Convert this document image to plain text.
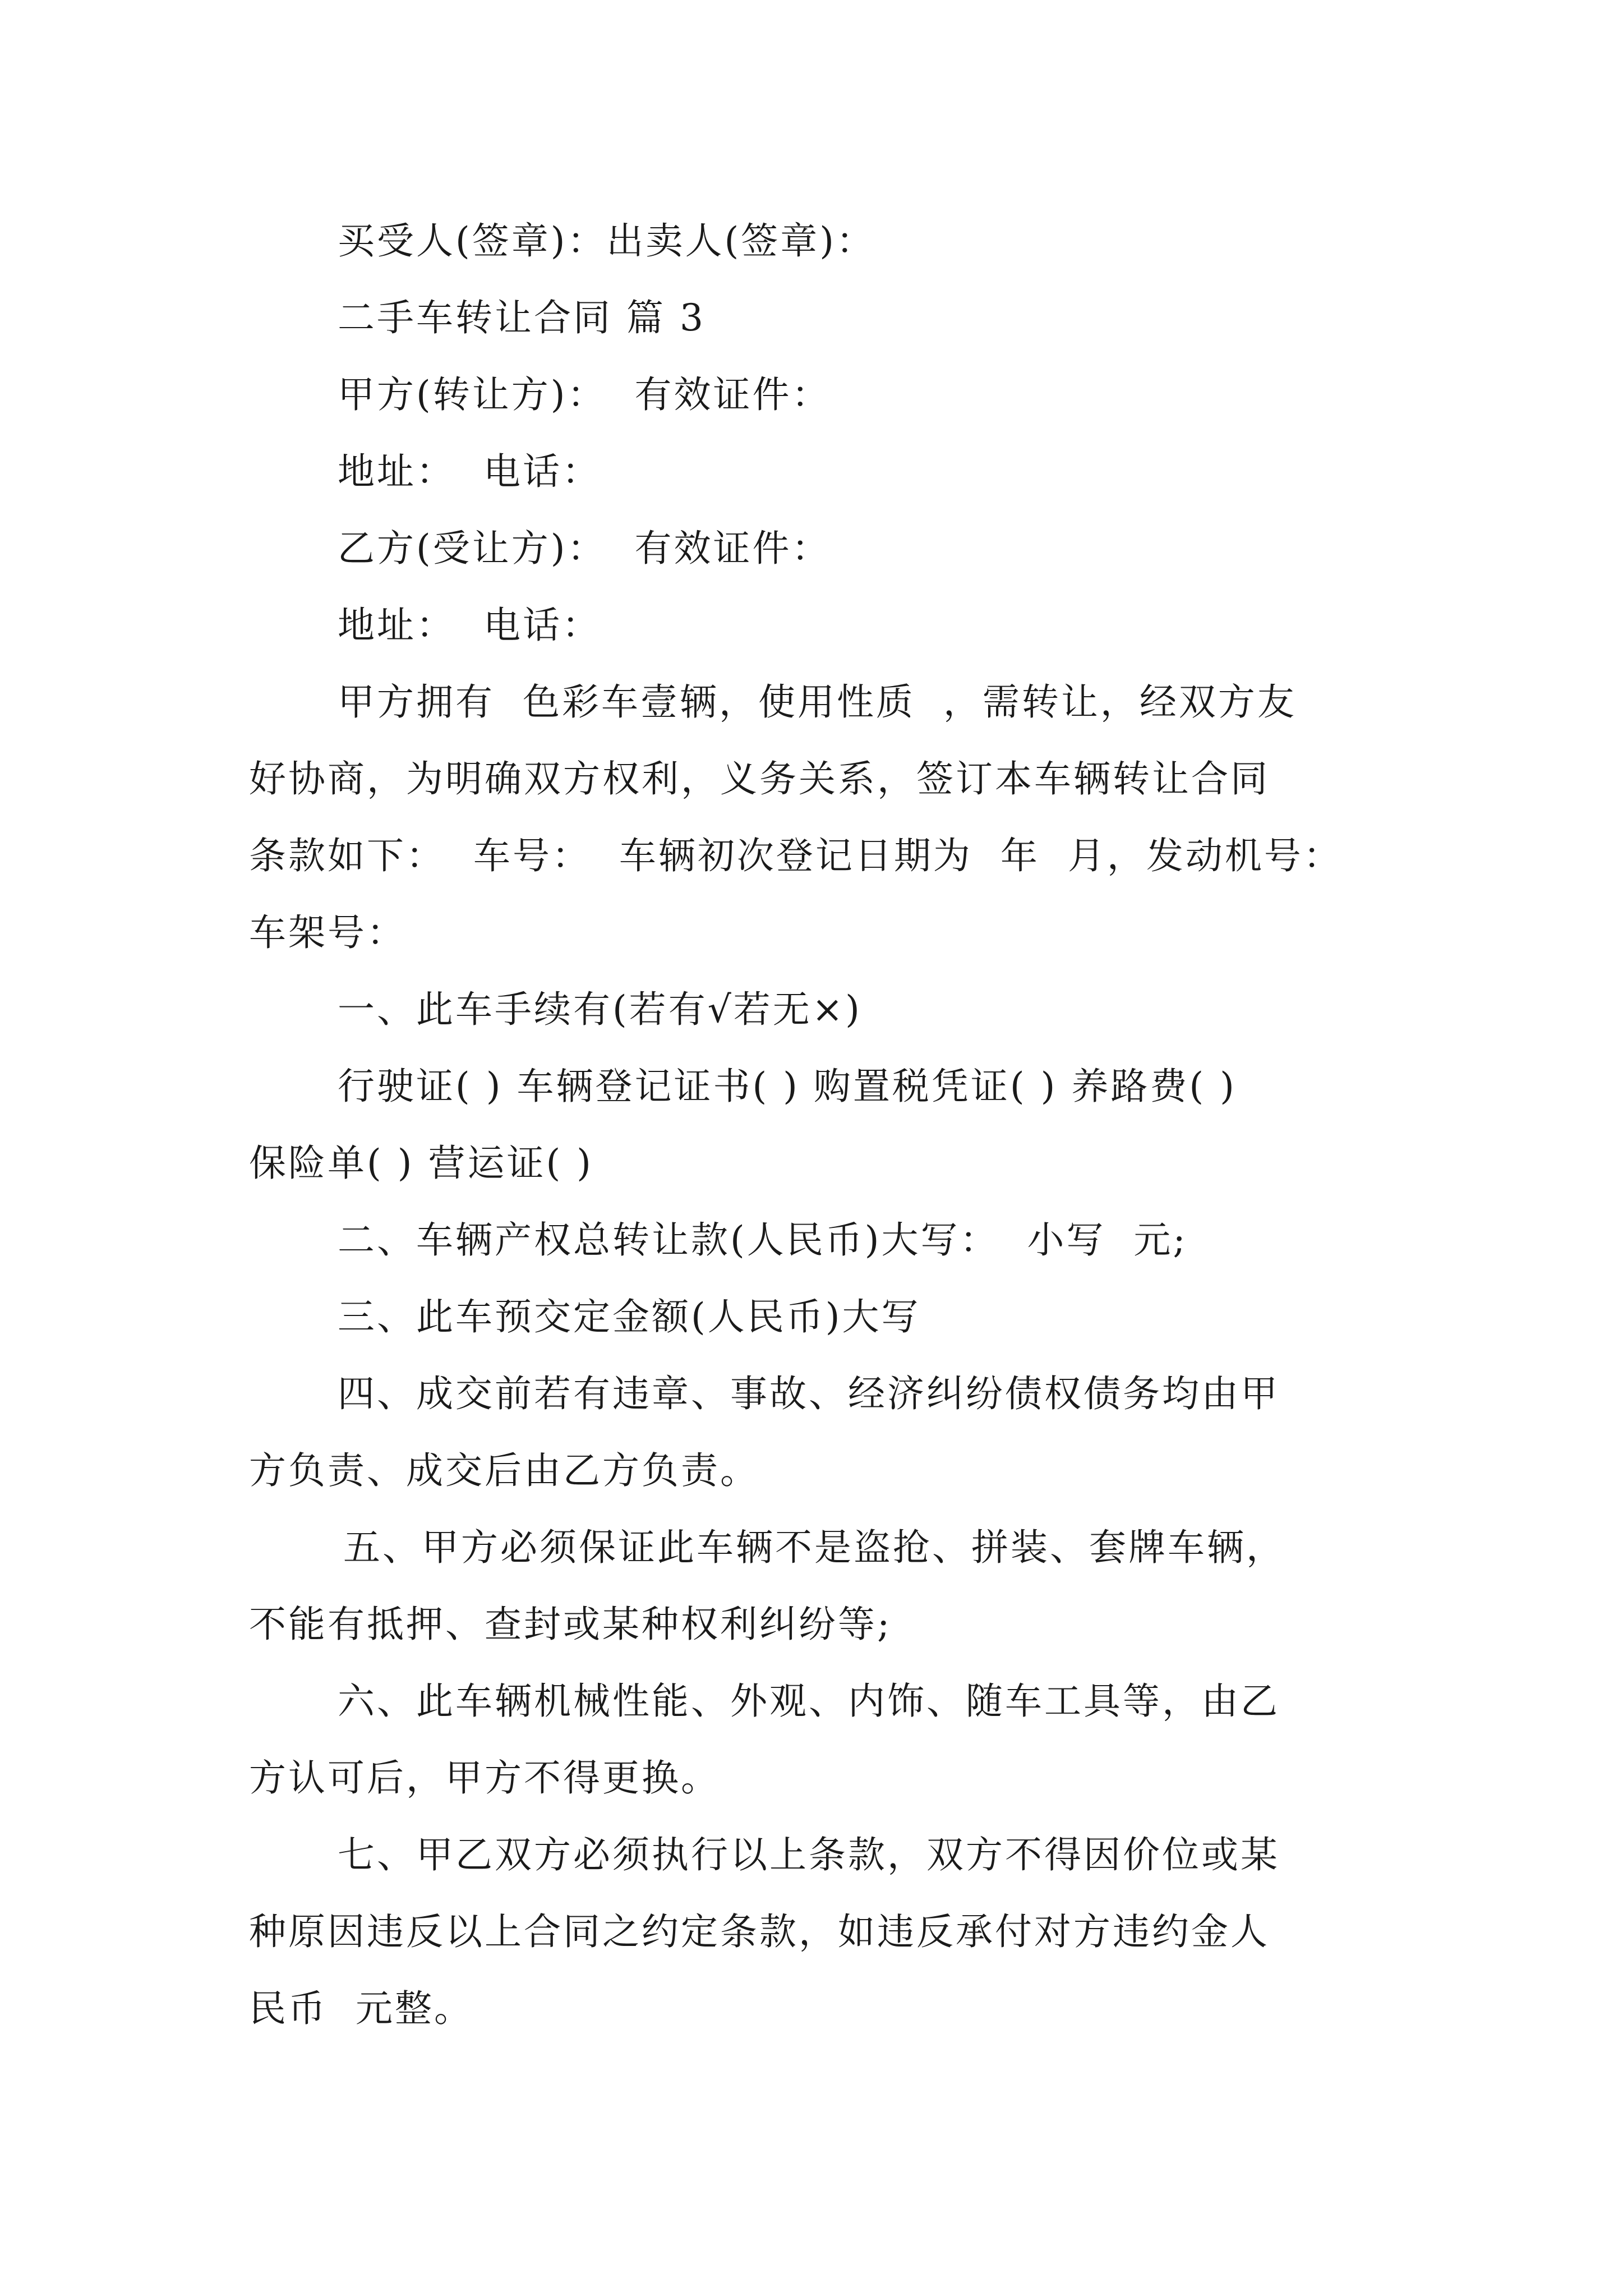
买受人(签章)：出卖人(签章)：
二手车转让合同 篇 3
甲方(转让方)：  有效证件：
地址：  电话：
乙方(受让方)：  有效证件：
地址：  电话：
甲方拥有  色彩车壹辆，使用性质  ，需转让，经双方友
好协商，为明确双方权利，义务关系，签订本车辆转让合同
条款如下：  车号：  车辆初次登记日期为  年  月，发动机号：
车架号：
一、此车手续有(若有√若无×)
行驶证( ) 车辆登记证书( ) 购置税凭证( ) 养路费( )
保险单( ) 营运证( )
二、车辆产权总转让款(人民币)大写：  小写  元;
三、此车预交定金额(人民币)大写
四、成交前若有违章、事故、经济纠纷债权债务均由甲
方负责、成交后由乙方负责。
五、甲方必须保证此车辆不是盗抢、拼装、套牌车辆，
不能有抵押、查封或某种权利纠纷等;
六、此车辆机械性能、外观、内饰、随车工具等，由乙
方认可后，甲方不得更换。
七、甲乙双方必须执行以上条款，双方不得因价位或某
种原因违反以上合同之约定条款，如违反承付对方违约金人
民币  元整。
